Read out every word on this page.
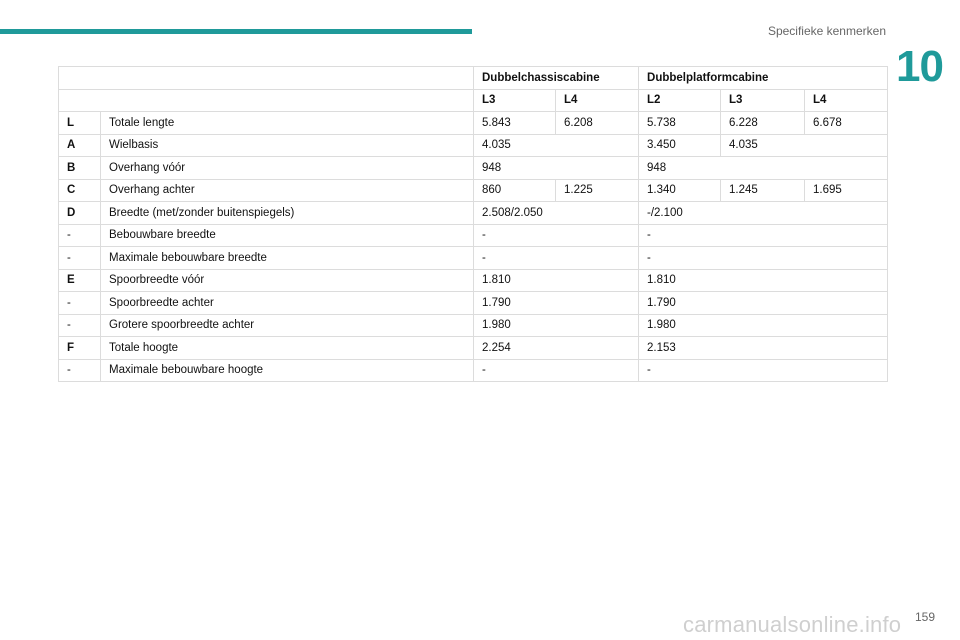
Specifieke kenmerken
10
		Dubbelchassiscabine		Dubbelplatformcabine		
		L3	L4	L2	L3	L4
L	Totale lengte	5.843	6.208	5.738	6.228	6.678
A	Wielbasis	4.035		3.450	4.035	
B	Overhang vóór	948		948		
C	Overhang achter	860	1.225	1.340	1.245	1.695
D	Breedte (met/zonder buitenspiegels)	2.508/2.050		-/2.100		
-	Bebouwbare breedte	-		-		
-	Maximale bebouwbare breedte	-		-		
E	Spoorbreedte vóór	1.810		1.810		
-	Spoorbreedte achter	1.790		1.790		
-	Grotere spoorbreedte achter	1.980		1.980		
F	Totale hoogte	2.254		2.153		
-	Maximale bebouwbare hoogte	-		-		
carmanualsonline.info 159
